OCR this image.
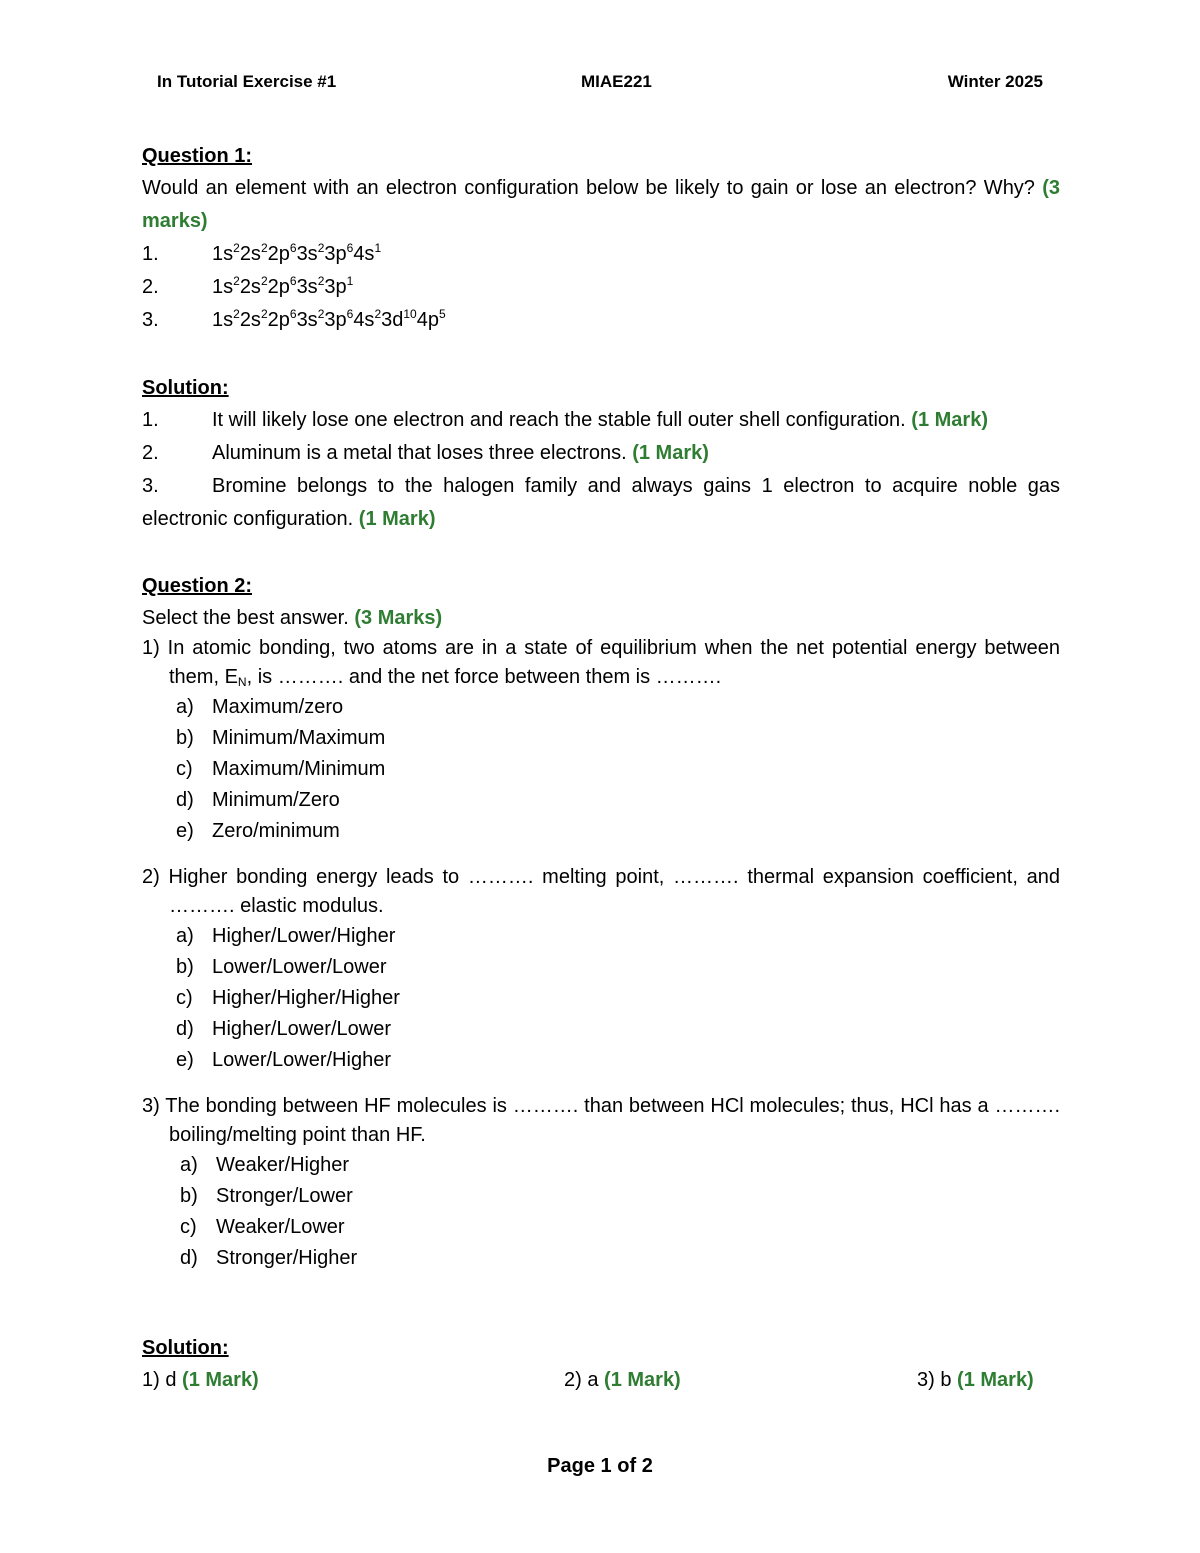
In Tutorial Exercise #1	MIAE221	Winter 2025
Question 1:
Would an element with an electron configuration below be likely to gain or lose an electron? Why? (3 marks)
1.	$1s^22s^22p^63s^23p^64s^1$
2.	$1s^22s^22p^63s^23p^1$
3.	$1s^22s^22p^63s^23p^64s^23d^{10}4p^5$
Solution:
1.	It will likely lose one electron and reach the stable full outer shell configuration. (1 Mark)
2.	Aluminum is a metal that loses three electrons. (1 Mark)
3.	Bromine belongs to the halogen family and always gains 1 electron to acquire noble gas electronic configuration. (1 Mark)
Question 2:
Select the best answer. (3 Marks)
1) In atomic bonding, two atoms are in a state of equilibrium when the net potential energy between them, $E_N$, is ………. and the net force between them is ……….
a) Maximum/zero
b) Minimum/Maximum
c) Maximum/Minimum
d) Minimum/Zero
e) Zero/minimum
2) Higher bonding energy leads to ………. melting point, ………. thermal expansion coefficient, and ………. elastic modulus.
a) Higher/Lower/Higher
b) Lower/Lower/Lower
c) Higher/Higher/Higher
d) Higher/Lower/Lower
e) Lower/Lower/Higher
3) The bonding between HF molecules is ………. than between HCl molecules; thus, HCl has a ………. boiling/melting point than HF.
a) Weaker/Higher
b) Stronger/Lower
c) Weaker/Lower
d) Stronger/Higher
Solution:
1) d (1 Mark)	2) a (1 Mark)	3) b (1 Mark)
Page 1 of 2
